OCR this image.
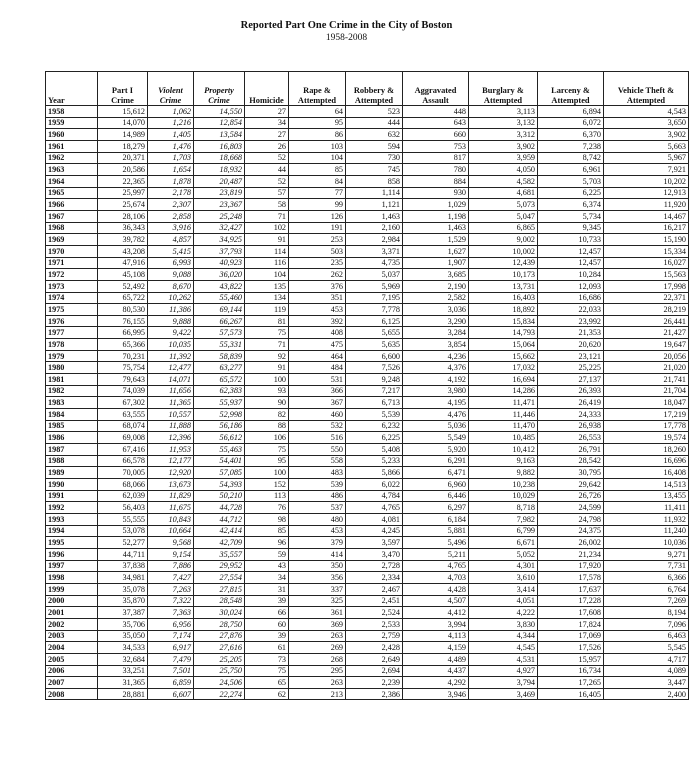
Reported Part One Crime in the City of Boston
1958-2008
Year	Part I Crime	Violent Crime	Property Crime	Homicide	Rape & Attempted	Robbery & Attempted	Aggravated Assault	Burglary & Attempted	Larceny & Attempted	Vehicle Theft & Attempted
1958	15,612	1,062	14,550	27	64	523	448	3,113	6,894	4,543
1959	14,070	1,216	12,854	34	95	444	643	3,132	6,072	3,650
1960	14,989	1,405	13,584	27	86	632	660	3,312	6,370	3,902
1961	18,279	1,476	16,803	26	103	594	753	3,902	7,238	5,663
1962	20,371	1,703	18,668	52	104	730	817	3,959	8,742	5,967
1963	20,586	1,654	18,932	44	85	745	780	4,050	6,961	7,921
1964	22,365	1,878	20,487	52	84	858	884	4,582	5,703	10,202
1965	25,997	2,178	23,819	57	77	1,114	930	4,681	6,225	12,913
1966	25,674	2,307	23,367	58	99	1,121	1,029	5,073	6,374	11,920
1967	28,106	2,858	25,248	71	126	1,463	1,198	5,047	5,734	14,467
1968	36,343	3,916	32,427	102	191	2,160	1,463	6,865	9,345	16,217
1969	39,782	4,857	34,925	91	253	2,984	1,529	9,002	10,733	15,190
1970	43,208	5,415	37,793	114	503	3,371	1,627	10,002	12,457	15,334
1971	47,916	6,993	40,923	116	235	4,735	1,907	12,439	12,457	16,027
1972	45,108	9,088	36,020	104	262	5,037	3,685	10,173	10,284	15,563
1973	52,492	8,670	43,822	135	376	5,969	2,190	13,731	12,093	17,998
1974	65,722	10,262	55,460	134	351	7,195	2,582	16,403	16,686	22,371
1975	80,530	11,386	69,144	119	453	7,778	3,036	18,892	22,033	28,219
1976	76,155	9,888	66,267	81	392	6,125	3,290	15,834	23,992	26,441
1977	66,995	9,422	57,573	75	408	5,655	3,284	14,793	21,353	21,427
1978	65,366	10,035	55,331	71	475	5,635	3,854	15,064	20,620	19,647
1979	70,231	11,392	58,839	92	464	6,600	4,236	15,662	23,121	20,056
1980	75,754	12,477	63,277	91	484	7,526	4,376	17,032	25,225	21,020
1981	79,643	14,071	65,572	100	531	9,248	4,192	16,694	27,137	21,741
1982	74,039	11,656	62,383	93	366	7,217	3,980	14,286	26,393	21,704
1983	67,302	11,365	55,937	90	367	6,713	4,195	11,471	26,419	18,047
1984	63,555	10,557	52,998	82	460	5,539	4,476	11,446	24,333	17,219
1985	68,074	11,888	56,186	88	532	6,232	5,036	11,470	26,938	17,778
1986	69,008	12,396	56,612	106	516	6,225	5,549	10,485	26,553	19,574
1987	67,416	11,953	55,463	75	550	5,408	5,920	10,412	26,791	18,260
1988	66,578	12,177	54,401	95	558	5,233	6,291	9,163	28,542	16,696
1989	70,005	12,920	57,085	100	483	5,866	6,471	9,882	30,795	16,408
1990	68,066	13,673	54,393	152	539	6,022	6,960	10,238	29,642	14,513
1991	62,039	11,829	50,210	113	486	4,784	6,446	10,029	26,726	13,455
1992	56,403	11,675	44,728	76	537	4,765	6,297	8,718	24,599	11,411
1993	55,555	10,843	44,712	98	480	4,081	6,184	7,982	24,798	11,932
1994	53,078	10,664	42,414	85	453	4,245	5,881	6,799	24,375	11,240
1995	52,277	9,568	42,709	96	379	3,597	5,496	6,671	26,002	10,036
1996	44,711	9,154	35,557	59	414	3,470	5,211	5,052	21,234	9,271
1997	37,838	7,886	29,952	43	350	2,728	4,765	4,301	17,920	7,731
1998	34,981	7,427	27,554	34	356	2,334	4,703	3,610	17,578	6,366
1999	35,078	7,263	27,815	31	337	2,467	4,428	3,414	17,637	6,764
2000	35,870	7,322	28,548	39	325	2,451	4,507	4,051	17,228	7,269
2001	37,387	7,363	30,024	66	361	2,524	4,412	4,222	17,608	8,194
2002	35,706	6,956	28,750	60	369	2,533	3,994	3,830	17,824	7,096
2003	35,050	7,174	27,876	39	263	2,759	4,113	4,344	17,069	6,463
2004	34,533	6,917	27,616	61	269	2,428	4,159	4,545	17,526	5,545
2005	32,684	7,479	25,205	73	268	2,649	4,489	4,531	15,957	4,717
2006	33,251	7,501	25,750	75	295	2,694	4,437	4,927	16,734	4,089
2007	31,365	6,859	24,506	65	263	2,239	4,292	3,794	17,265	3,447
2008	28,881	6,607	22,274	62	213	2,386	3,946	3,469	16,405	2,400
